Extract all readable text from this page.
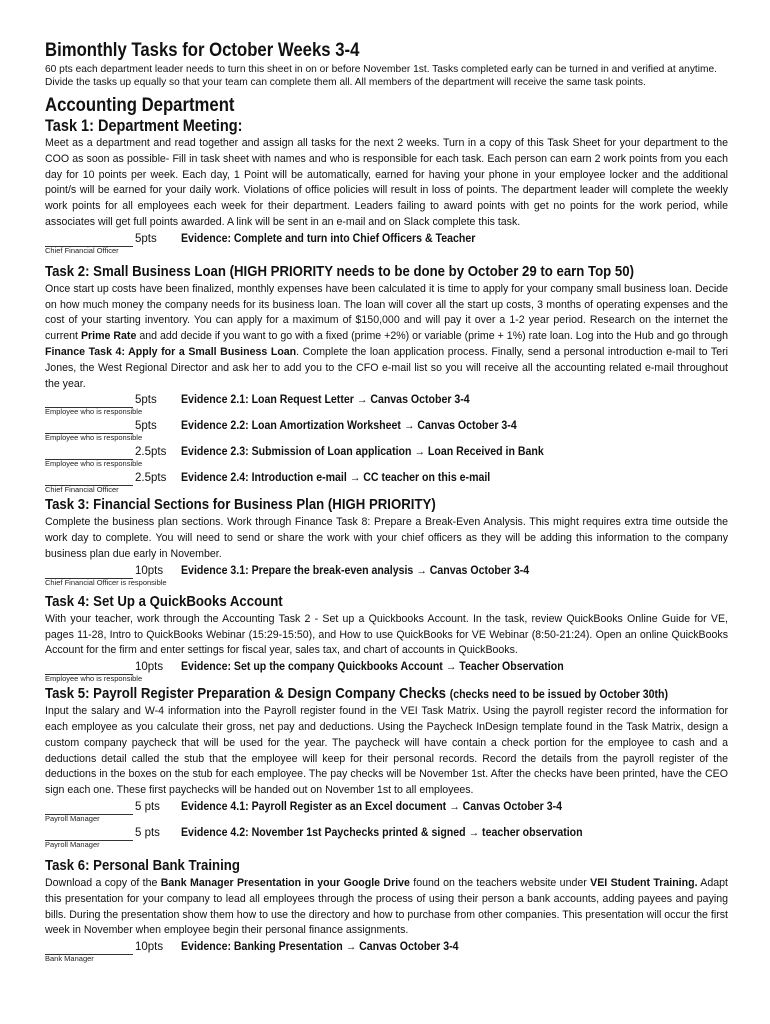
Bimonthly Tasks for October Weeks 3-4

60 pts each department leader needs to turn this sheet in on or before November 1st. Tasks completed early can be turned in and verified at anytime. Divide the tasks up equally so that your team can complete them all. All members of the department will receive the same task points.

Accounting Department
Task 1: Department Meeting:

Meet as a department and read together and assign all tasks for the next 2 weeks. Turn in a copy of this Task Sheet for your department to the COO as soon as possible- Fill in task sheet with names and who is responsible for each task. Each person can earn 2 work points from you each day for 10 points per week. Each day, 1 Point will be automatically, earned for having your phone in your employee locker and the additional point/s will be earned for your daily work. Violations of office policies will result in loss of points. The department leader will complete the weekly work points for all employees each week for their department. Leaders failing to award points with get no points for the work period, while associates will get full points awarded. A link will be sent in an e-mail and on Slack complete this task.

5pts Evidence: Complete and turn into Chief Officers & Teacher
Chief Financial Officer
Task 2: Small Business Loan (HIGH PRIORITY needs to be done by October 29 to earn Top 50)

Once start up costs have been finalized, monthly expenses have been calculated it is time to apply for your company small business loan. Decide on how much money the company needs for its business loan. The loan will cover all the start up costs, 3 months of operating expenses and the cost of your starting inventory. You can apply for a maximum of $150,000 and will pay it over a 1-2 year period. Research on the internet the current Prime Rate and add decide if you want to go with a fixed (prime +2%) or variable (prime + 1%) rate loan. Log into the Hub and go through Finance Task 4: Apply for a Small Business Loan. Complete the loan application process. Finally, send a personal introduction e-mail to Teri Jones, the West Regional Director and ask her to add you to the CFO e-mail list so you will receive all the accounting related e-mail throughout the year.

5pts Evidence 2.1: Loan Request Letter → Canvas October 3-4
Employee who is responsible
5pts Evidence 2.2: Loan Amortization Worksheet → Canvas October 3-4
Employee who is responsible
2.5pts Evidence 2.3: Submission of Loan application → Loan Received in Bank
Employee who is responsible
2.5pts Evidence 2.4: Introduction e-mail → CC teacher on this e-mail
Chief Financial Officer
Task 3: Financial Sections for Business Plan (HIGH PRIORITY)

Complete the business plan sections. Work through Finance Task 8: Prepare a Break-Even Analysis. This might requires extra time outside the work day to complete. You will need to send or share the work with your chief officers as they will be adding this information to the company business plan due early in November.

10pts Evidence 3.1: Prepare the break-even analysis → Canvas October 3-4
Chief Financial Officer is responsible
Task 4: Set Up a QuickBooks Account

With your teacher, work through the Accounting Task 2 - Set up a Quickbooks Account. In the task, review QuickBooks Online Guide for VE, pages 11-28, Intro to QuickBooks Webinar (15:29-15:50), and How to use QuickBooks for VE Webinar (8:50-21:24). Open an online QuickBooks Account for the firm and enter settings for fiscal year, sales tax, and chart of accounts in QuickBooks.

10pts Evidence: Set up the company Quickbooks Account → Teacher Observation
Employee who is responsible
Task 5: Payroll Register Preparation & Design Company Checks (checks need to be issued by October 30th)

Input the salary and W-4 information into the Payroll register found in the VEI Task Matrix. Using the payroll register record the information for each employee as you calculate their gross, net pay and deductions. Using the Paycheck InDesign template found in the Task Matrix, design a custom company paycheck that will be used for the year. The paycheck will have contain a check portion for the employee to cash and a deductions detail called the stub that the employee will keep for their personal records. Record the details from the payroll register of the deductions in the boxes on the stub for each employee. The pay checks will be November 1st. After the checks have been printed, have the CEO sign each one. These first paychecks will be handed out on November 1st to all employees.

5 pts Evidence 4.1: Payroll Register as an Excel document → Canvas October 3-4
Payroll Manager
5 pts Evidence 4.2: November 1st Paychecks printed & signed → teacher observation
Payroll Manager
Task 6: Personal Bank Training

Download a copy of the Bank Manager Presentation in your Google Drive found on the teachers website under VEI Student Training. Adapt this presentation for your company to lead all employees through the process of using their person a bank accounts, adding payees and paying bills. During the presentation show them how to use the directory and how to purchase from other companies. This presentation will occur the first week in November when employee begin their personal finance assignments.

10pts Evidence: Banking Presentation → Canvas October 3-4
Bank Manager
